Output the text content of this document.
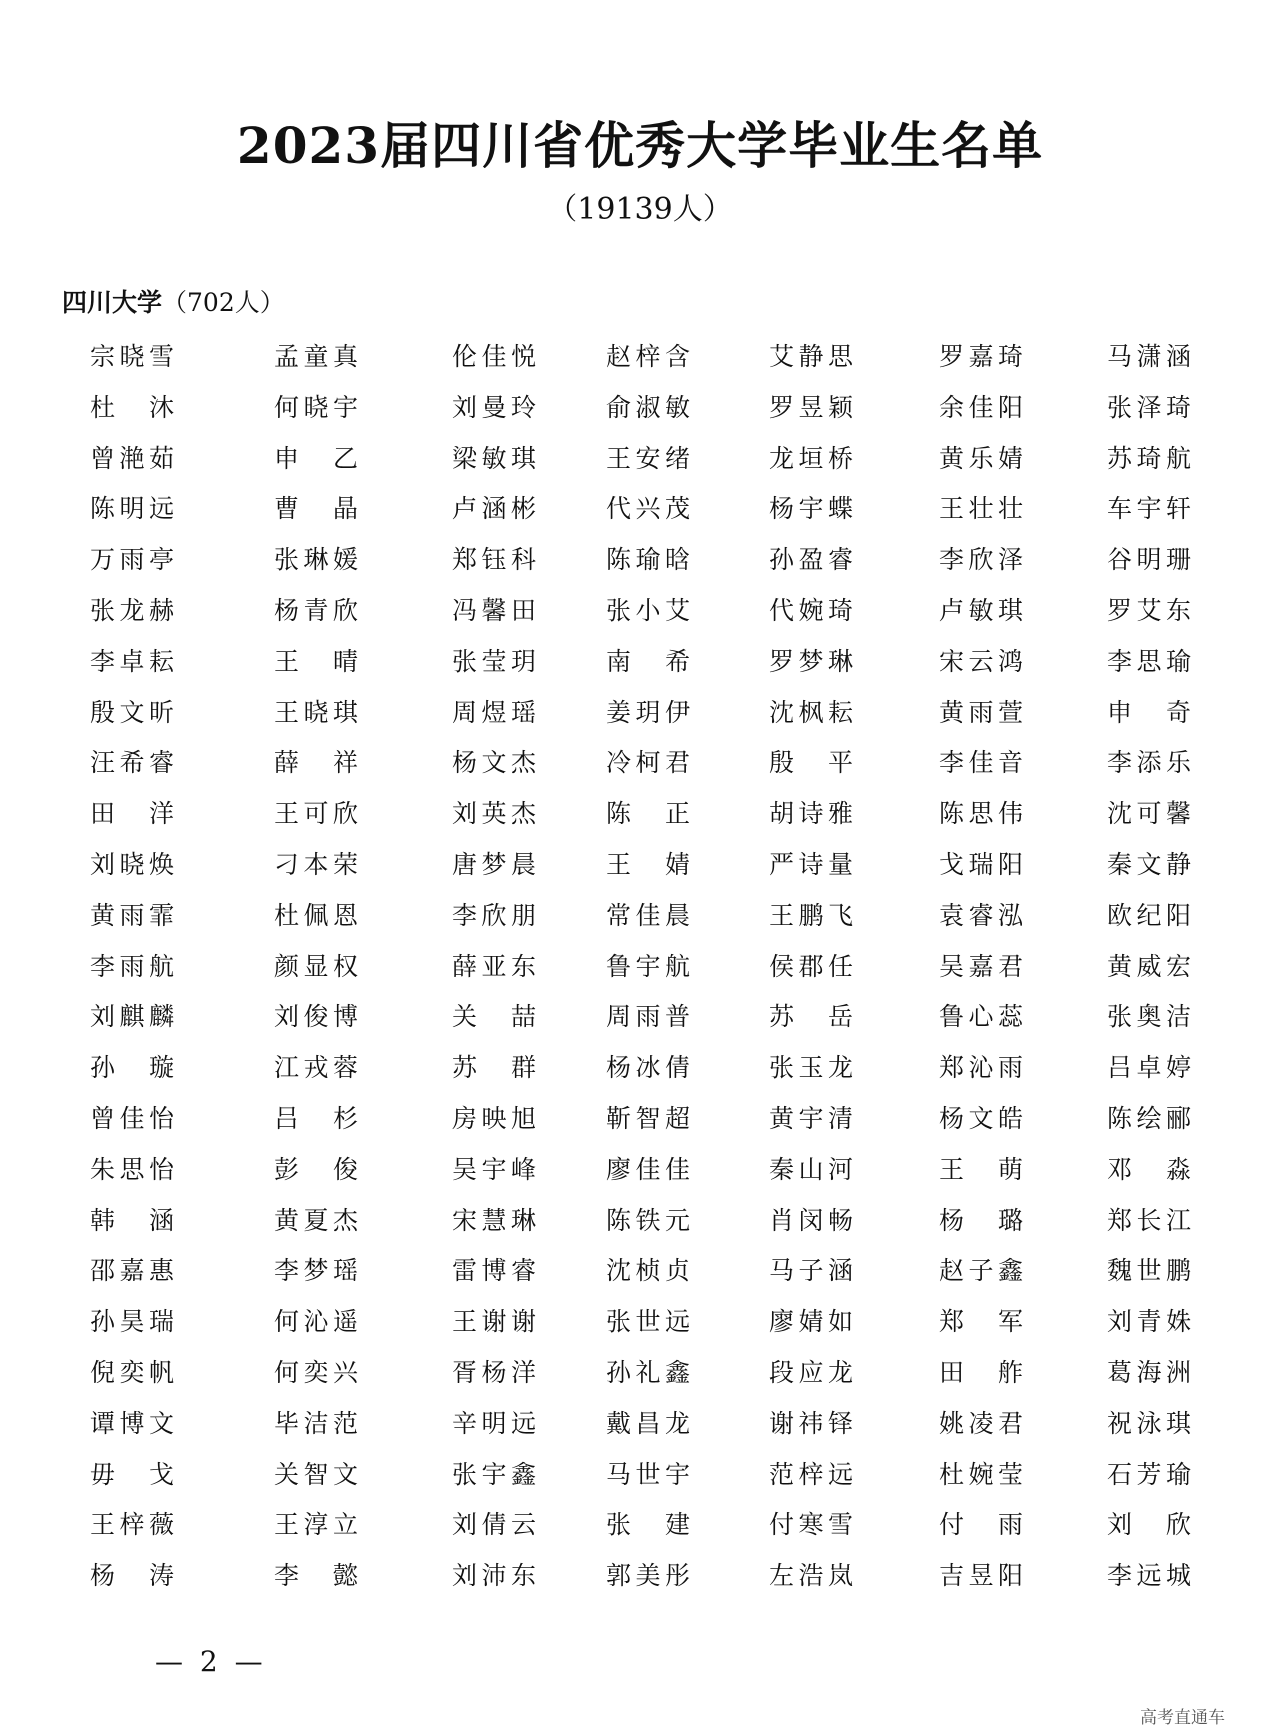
2023届四川省优秀大学毕业生名单
（19139人）
四川大学（702人）
宗晓雪	孟童真	伦佳悦	赵梓含	艾静思	罗嘉琦	马潇涵
杜沐	何晓宇	刘曼玲	俞淑敏	罗昱颖	余佳阳	张泽琦
曾滟茹	申乙	梁敏琪	王安绪	龙垣桥	黄乐婧	苏琦航
陈明远	曹晶	卢涵彬	代兴茂	杨宇蝶	王壮壮	车宇轩
万雨亭	张琳媛	郑钰科	陈瑜晗	孙盈睿	李欣泽	谷明珊
张龙赫	杨青欣	冯馨田	张小艾	代婉琦	卢敏琪	罗艾东
李卓耘	王晴	张莹玥	南希	罗梦琳	宋云鸿	李思瑜
殷文昕	王晓琪	周煜瑶	姜玥伊	沈枫耘	黄雨萱	申奇
汪希睿	薛祥	杨文杰	冷柯君	殷平	李佳音	李添乐
田洋	王可欣	刘英杰	陈正	胡诗雅	陈思伟	沈可馨
刘晓焕	刁本荣	唐梦晨	王婧	严诗量	戈瑞阳	秦文静
黄雨霏	杜佩恩	李欣朋	常佳晨	王鹏飞	袁睿泓	欧纪阳
李雨航	颜显权	薛亚东	鲁宇航	侯郡任	吴嘉君	黄威宏
刘麒麟	刘俊博	关喆	周雨普	苏岳	鲁心蕊	张奥洁
孙璇	江戎蓉	苏群	杨冰倩	张玉龙	郑沁雨	吕卓婷
曾佳怡	吕杉	房映旭	靳智超	黄宇清	杨文皓	陈绘郦
朱思怡	彭俊	吴宇峰	廖佳佳	秦山河	王萌	邓淼
韩涵	黄夏杰	宋慧琳	陈铁元	肖闵畅	杨璐	郑长江
邵嘉惠	李梦瑶	雷博睿	沈桢贞	马子涵	赵子鑫	魏世鹏
孙昊瑞	何沁遥	王谢谢	张世远	廖婧如	郑军	刘青姝
倪奕帆	何奕兴	胥杨洋	孙礼鑫	段应龙	田舴	葛海洲
谭博文	毕洁范	辛明远	戴昌龙	谢祎铎	姚凌君	祝泳琪
毋戈	关智文	张宇鑫	马世宇	范梓远	杜婉莹	石芳瑜
王梓薇	王淳立	刘倩云	张建	付寒雪	付雨	刘欣
杨涛	李懿	刘沛东	郭美彤	左浩岚	吉昱阳	李远城
— 2 —
高考直通车
